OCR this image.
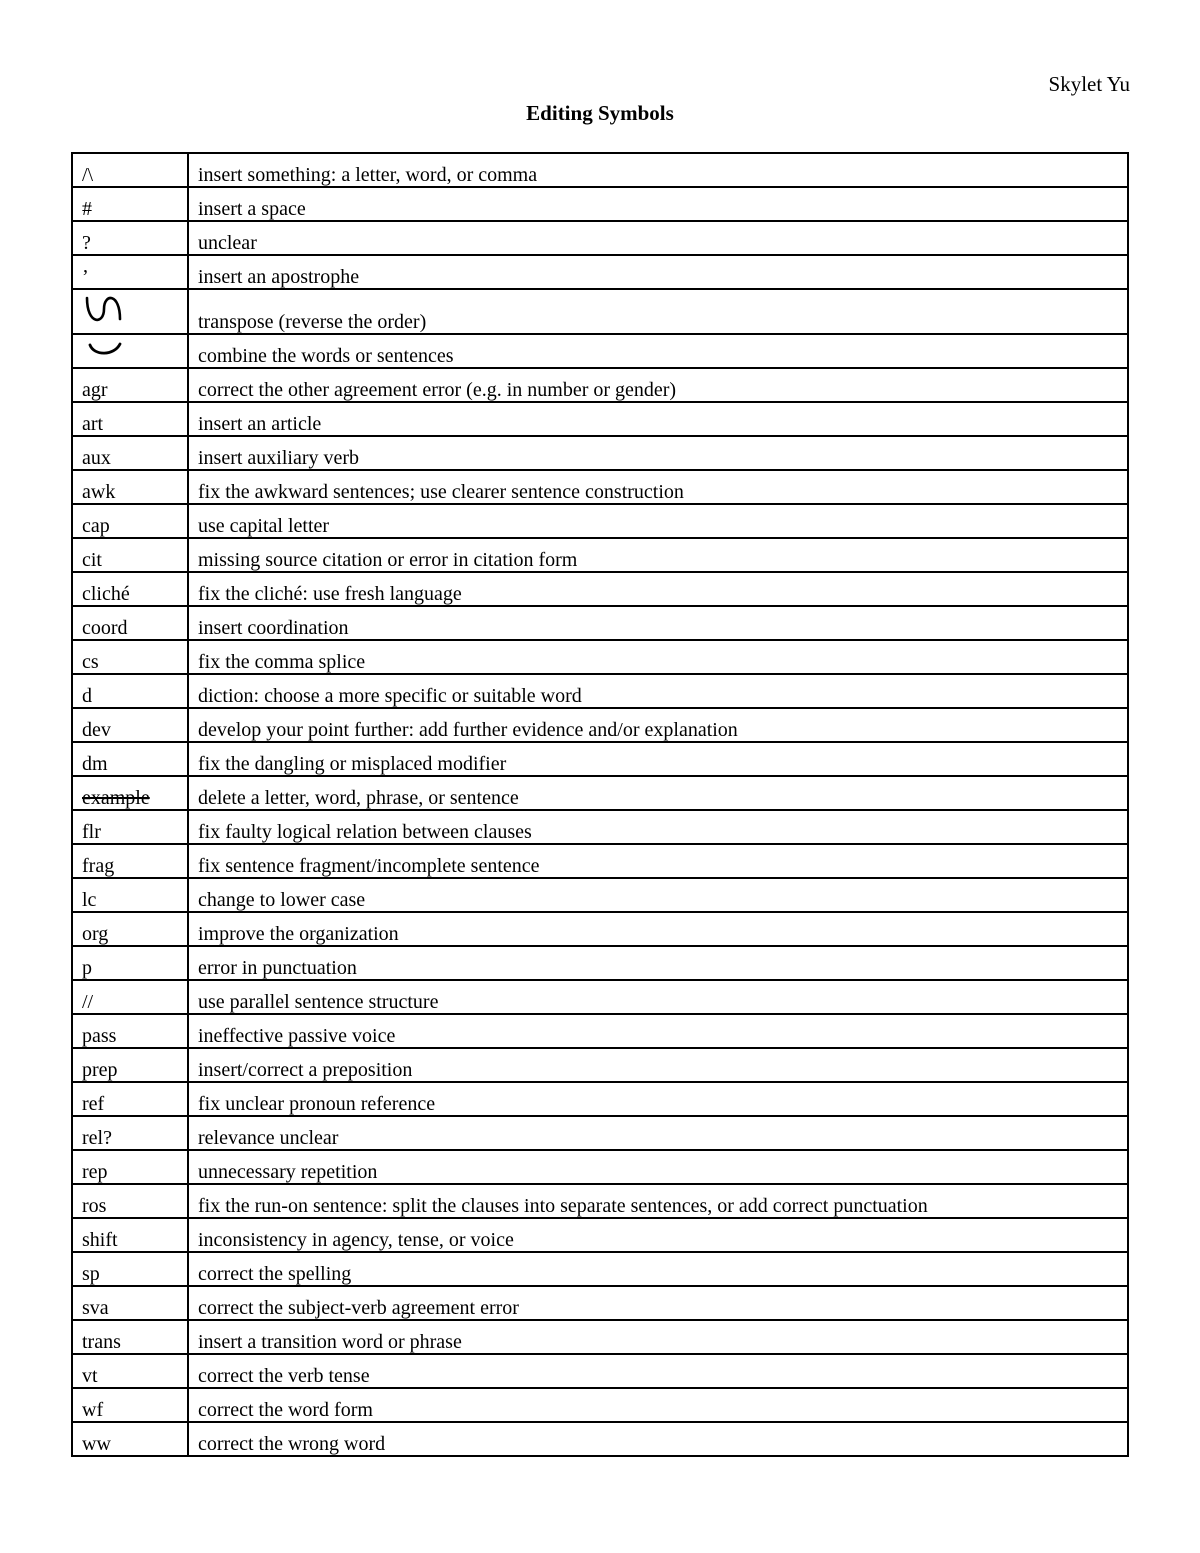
Skylet Yu
Editing Symbols
/\	insert something: a letter, word, or comma
#	insert a space
?	unclear
’	insert an apostrophe
	transpose (reverse the order)
	combine the words or sentences
agr	correct the other agreement error (e.g. in number or gender)
art	insert an article
aux	insert auxiliary verb
awk	fix the awkward sentences; use clearer sentence construction
cap	use capital letter
cit	missing source citation or error in citation form
cliché	fix the cliché: use fresh language
coord	insert coordination
cs	fix the comma splice
d	diction: choose a more specific or suitable word
dev	develop your point further: add further evidence and/or explanation
dm	fix the dangling or misplaced modifier
example	delete a letter, word, phrase, or sentence
flr	fix faulty logical relation between clauses
frag	fix sentence fragment/incomplete sentence
lc	change to lower case
org	improve the organization
p	error in punctuation
//	use parallel sentence structure
pass	ineffective passive voice
prep	insert/correct a preposition
ref	fix unclear pronoun reference
rel?	relevance unclear
rep	unnecessary repetition
ros	fix the run-on sentence: split the clauses into separate sentences, or add correct punctuation
shift	inconsistency in agency, tense, or voice
sp	correct the spelling
sva	correct the subject-verb agreement error
trans	insert a transition word or phrase
vt	correct the verb tense
wf	correct the word form
ww	correct the wrong word
